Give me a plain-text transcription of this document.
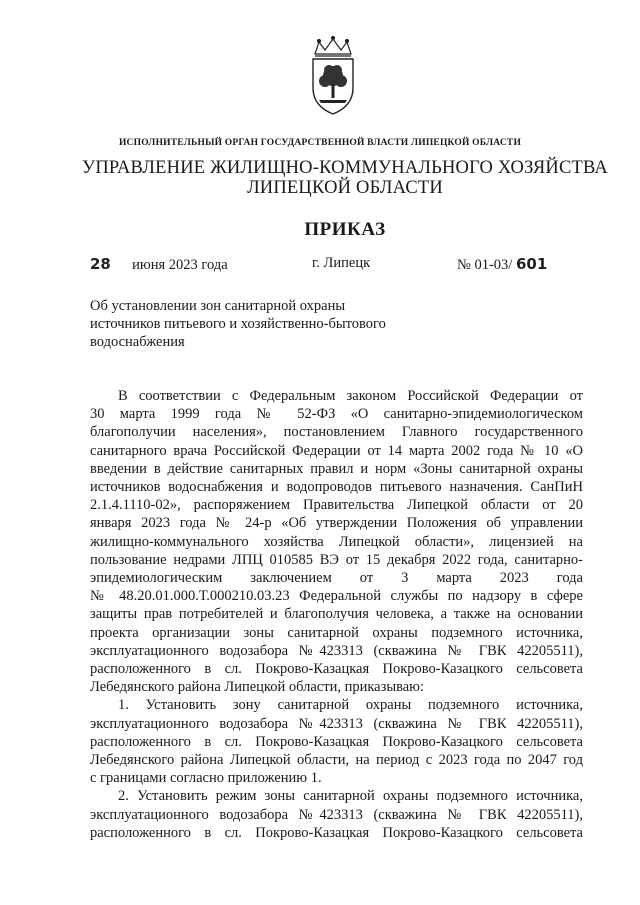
ИСПОЛНИТЕЛЬНЫЙ ОРГАН ГОСУДАРСТВЕННОЙ ВЛАСТИ ЛИПЕЦКОЙ ОБЛАСТИ
УПРАВЛЕНИЕ ЖИЛИЩНО-КОММУНАЛЬНОГО ХОЗЯЙСТВА
ЛИПЕЦКОЙ ОБЛАСТИ
ПРИКАЗ
28 июня 2023 года	г. Липецк	№ 01-03/ 601
Об установлении зон санитарной охраны
источников питьевого и хозяйственно-бытового
водоснабжения
В соответствии с Федеральным законом Российской Федерации от
30 марта 1999 года № 52-ФЗ «О санитарно-эпидемиологическом
благополучии населения», постановлением Главного государственного
санитарного врача Российской Федерации от 14 марта 2002 года № 10 «О
введении в действие санитарных правил и норм «Зоны санитарной охраны
источников водоснабжения и водопроводов питьевого назначения. СанПиН
2.1.4.1110-02», распоряжением Правительства Липецкой области от 20
января 2023 года № 24-р «Об утверждении Положения об управлении
жилищно-коммунального хозяйства Липецкой области», лицензией на
пользование недрами ЛПЦ 010585 ВЭ от 15 декабря 2022 года, санитарно-
эпидемиологическим заключением от 3 марта 2023 года
№ 48.20.01.000.Т.000210.03.23 Федеральной службы по надзору в сфере
защиты прав потребителей и благополучия человека, а также на основании
проекта организации зоны санитарной охраны подземного источника,
эксплуатационного водозабора №423313 (скважина № ГВК 42205511),
расположенного в сл. Покрово-Казацкая Покрово-Казацкого сельсовета
Лебедянского района Липецкой области, приказываю:
1. Установить зону санитарной охраны подземного источника,
эксплуатационного водозабора №423313 (скважина № ГВК 42205511),
расположенного в сл. Покрово-Казацкая Покрово-Казацкого сельсовета
Лебедянского района Липецкой области, на период с 2023 года по 2047 год
с границами согласно приложению 1.
2. Установить режим зоны санитарной охраны подземного источника,
эксплуатационного водозабора №423313 (скважина № ГВК 42205511),
расположенного в сл. Покрово-Казацкая Покрово-Казацкого сельсовета
